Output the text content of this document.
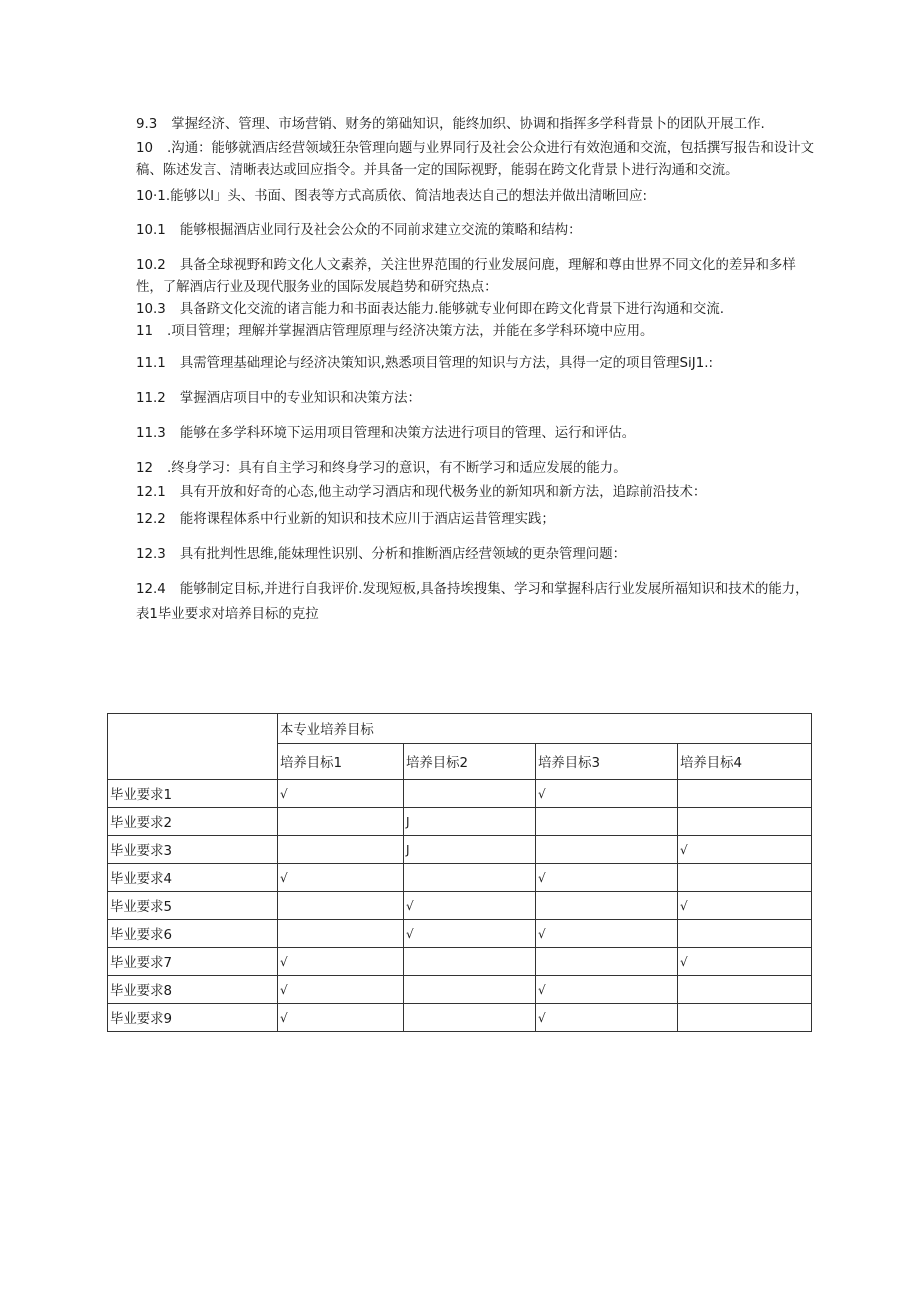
9.3 掌握经济、管理、市场营销、财务的第础知识，能终加织、协调和指挥多学科背景卜的团队开展工作.

10 .沟通：能够就酒店经营领域狂杂管理向题与业界同行及社会公众进行有效泡通和交流，包括撰写报告和设计文稿、陈述发言、清晰表达或回应指令。并具备一定的国际视野，能弱在跨文化背景卜进行沟通和交流。

10·1.能够以l」头、书面、图表等方式高质依、简洁地表达自己的想法并做出清晰回应:

10.1 能够根掘酒店业同行及社会公众的不同前求建立交流的策略和结构：

10.2 具备全球视野和跨文化人文素养，关注世界范围的行业发展问鹿，理解和尊由世界不同文化的差异和多样性，了解酒店行业及现代服务业的国际发展趋势和研究热点：

10.3 具备跻文化交流的诸言能力和书面表达能力.能够就专业何即在跨文化背景下进行沟通和交流.

11 .项目管理；理解并掌握酒店管理原理与经济决策方法，并能在多学科环境中应用。

11.1 具需管理基础理论与经济决策知识,熟悉项目管理的知识与方法，具得一定的项目管理SiJ1.:

11.2 掌握酒店项目中的专业知识和决策方法：

11.3 能够在多学科环境下运用项目管理和决策方法进行项目的管理、运行和评估。

12 .终身学习：具有自主学习和终身学习的意识，有不断学习和适应发展的能力。

12.1 具有开放和好奇的心态,他主动学习酒店和现代极务业的新知巩和新方法，追踪前沿技术：

12.2 能将课程体系中行业新的知识和技术应川于酒店运昔管理实践；

12.3 具有批判性思维,能妹理性识别、分析和推断酒店经营领域的更杂管理问题：

12.4 能够制定目标,并进行自我评价.发现短板,具备持埃搜集、学习和掌握科店行业发展所福知识和技术的能力，

表1毕业要求对培养目标的克拉

	本专业培养目标			
	培养目标1	培养目标2	培养目标3	培养目标4
毕业要求1	√		√	
毕业要求2		J		
毕业要求3		J		√
毕业要求4	√		√	
毕业要求5		√		√
毕业要求6		√	√	
毕业要求7	√			√
毕业要求8	√		√	
毕业要求9	√		√	
